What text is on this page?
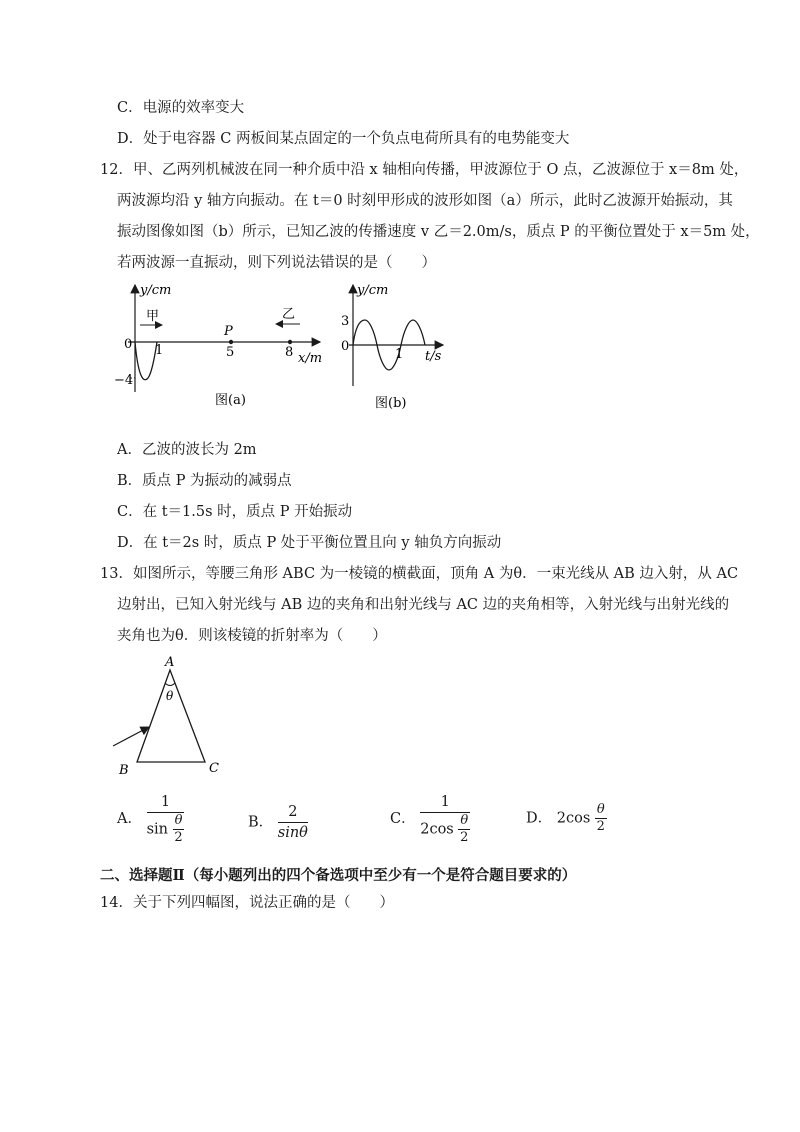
C．电源的效率变大
D．处于电容器 C 两板间某点固定的一个负点电荷所具有的电势能变大
12．甲、乙两列机械波在同一种介质中沿 x 轴相向传播，甲波源位于 O 点，乙波源位于 x＝8m 处，
两波源均沿 y 轴方向振动。在 t＝0 时刻甲形成的波形如图（a）所示，此时乙波源开始振动，其
振动图像如图（b）所示，已知乙波的传播速度 v 乙＝2.0m/s，质点 P 的平衡位置处于 x＝5m 处，
若两波源一直振动，则下列说法错误的是（　　）
y/cm
0
−4
1
P
5	8 x/m
甲	乙
图(a)
y/cm
3
0
1 t/s
图(b)
A．乙波的波长为 2m
B．质点 P 为振动的减弱点
C．在 t＝1.5s 时，质点 P 开始振动
D．在 t＝2s 时，质点 P 处于平衡位置且向 y 轴负方向振动
13．如图所示，等腰三角形 ABC 为一棱镜的横截面，顶角 A 为θ．一束光线从 AB 边入射，从 AC
边射出，已知入射光线与 AB 边的夹角和出射光线与 AC 边的夹角相等，入射光线与出射光线的
夹角也为θ．则该棱镜的折射率为（　　）
A
θ
B	C
A． $\frac{1}{\sin \frac{\theta}{2}}$	B． $\frac{2}{\sin\theta}$	C． $\frac{1}{2\cos \frac{\theta}{2}}$	D． $2\cos \frac{\theta}{2}$
二、选择题Ⅱ（每小题列出的四个备选项中至少有一个是符合题目要求的）
14．关于下列四幅图，说法正确的是（　　）
